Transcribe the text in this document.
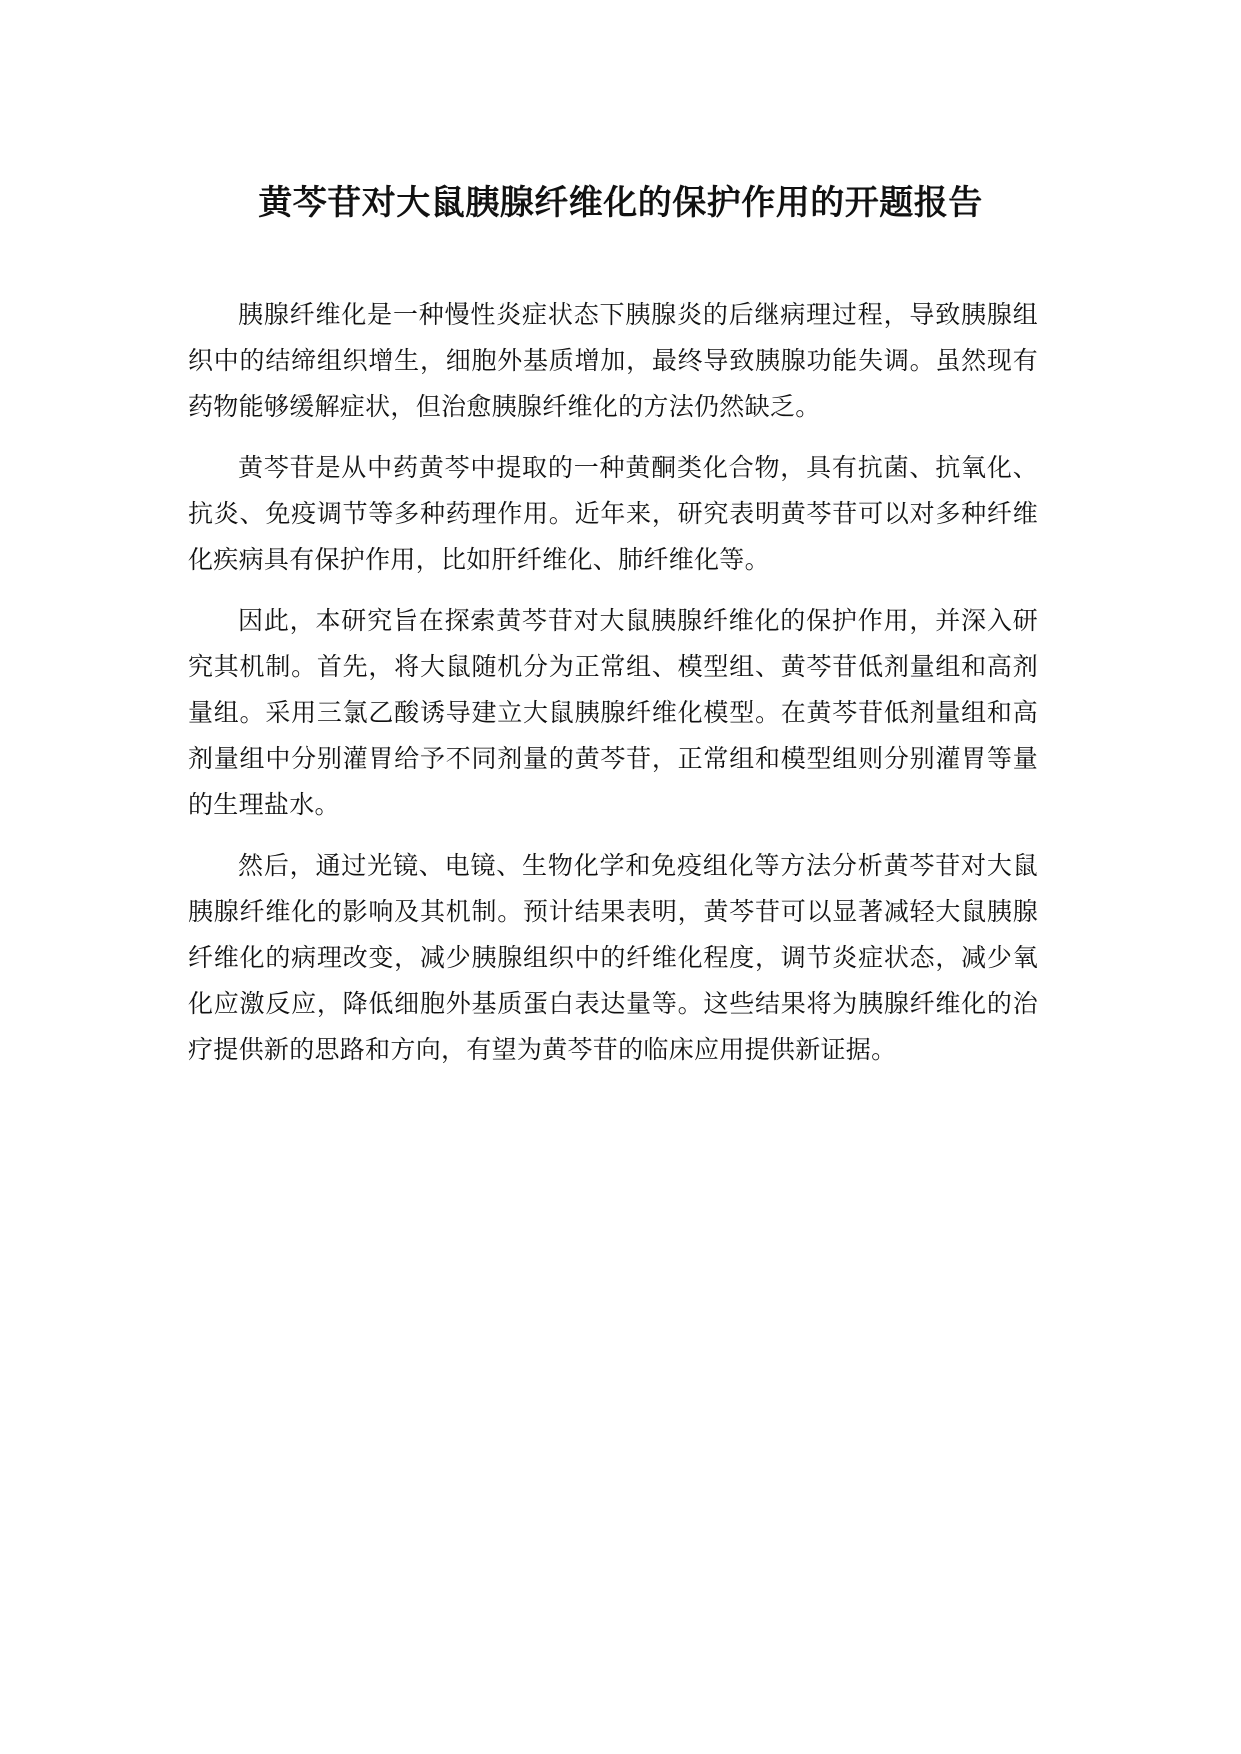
黄芩苷对大鼠胰腺纤维化的保护作用的开题报告

胰腺纤维化是一种慢性炎症状态下胰腺炎的后继病理过程，导致胰腺组织中的结缔组织增生，细胞外基质增加，最终导致胰腺功能失调。虽然现有药物能够缓解症状，但治愈胰腺纤维化的方法仍然缺乏。

黄芩苷是从中药黄芩中提取的一种黄酮类化合物，具有抗菌、抗氧化、抗炎、免疫调节等多种药理作用。近年来，研究表明黄芩苷可以对多种纤维化疾病具有保护作用，比如肝纤维化、肺纤维化等。

因此，本研究旨在探索黄芩苷对大鼠胰腺纤维化的保护作用，并深入研究其机制。首先，将大鼠随机分为正常组、模型组、黄芩苷低剂量组和高剂量组。采用三氯乙酸诱导建立大鼠胰腺纤维化模型。在黄芩苷低剂量组和高剂量组中分别灌胃给予不同剂量的黄芩苷，正常组和模型组则分别灌胃等量的生理盐水。

然后，通过光镜、电镜、生物化学和免疫组化等方法分析黄芩苷对大鼠胰腺纤维化的影响及其机制。预计结果表明，黄芩苷可以显著减轻大鼠胰腺纤维化的病理改变，减少胰腺组织中的纤维化程度，调节炎症状态，减少氧化应激反应，降低细胞外基质蛋白表达量等。这些结果将为胰腺纤维化的治疗提供新的思路和方向，有望为黄芩苷的临床应用提供新证据。
